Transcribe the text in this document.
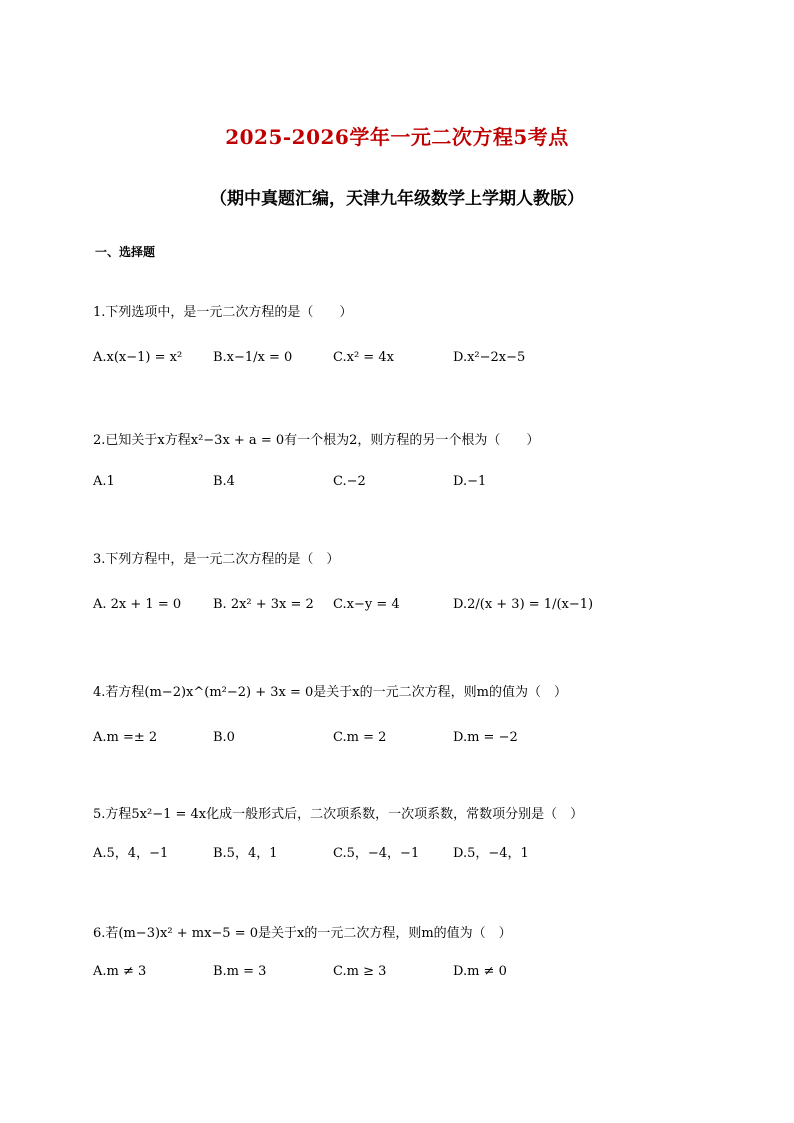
2025-2026学年一元二次方程5考点
（期中真题汇编，天津九年级数学上学期人教版）
一、选择题
1.下列选项中，是一元二次方程的是（　　）
A.x(x−1) = x² B.x−1/x = 0	C.x² = 4x	D.x²−2x−5
2.已知关于x方程x²−3x + a = 0有一个根为2，则方程的另一个根为（　　）
A.1	B.4	C.−2	D.−1
3.下列方程中，是一元二次方程的是（　）
A. 2x + 1 = 0 B. 2x² + 3x = 2 C.x−y = 4	D.2/(x + 3) = 1/(x−1)
4.若方程(m−2)x^(m²−2) + 3x = 0是关于x的一元二次方程，则m的值为（　）
A.m =± 2	B.0	C.m = 2	D.m = −2
5.方程5x²−1 = 4x化成一般形式后，二次项系数，一次项系数，常数项分别是（　）
A.5，4，−1	B.5，4，1	C.5，−4，−1	D.5，−4，1
6.若(m−3)x² + mx−5 = 0是关于x的一元二次方程，则m的值为（　）
A.m ≠ 3	B.m = 3	C.m ≥ 3	D.m ≠ 0
